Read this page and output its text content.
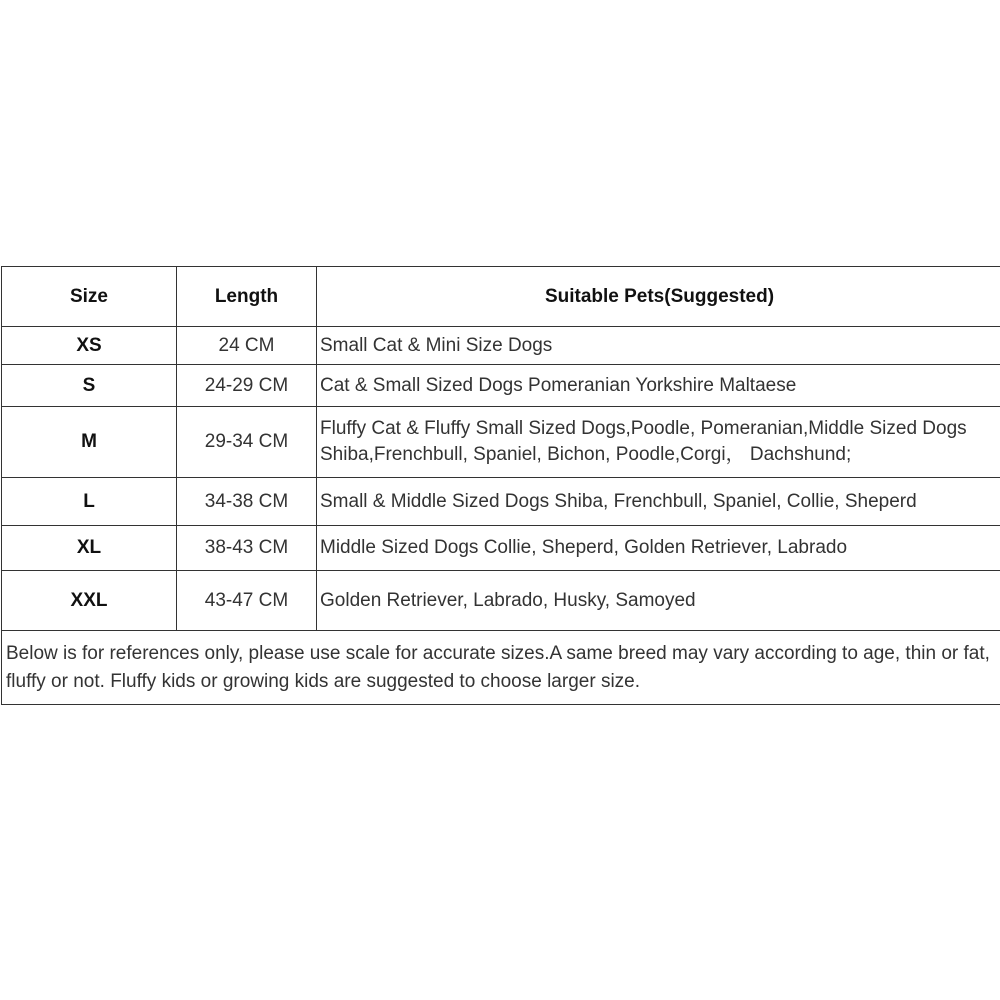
Size	Length	Suitable Pets(Suggested)
XS	24 CM	Small Cat & Mini Size Dogs
S	24-29 CM	Cat & Small Sized Dogs Pomeranian Yorkshire Maltaese
M	29-34 CM	Fluffy Cat & Fluffy Small Sized Dogs,Poodle, Pomeranian,Middle Sized Dogs Shiba,Frenchbull, Spaniel, Bichon, Poodle,Corgi， Dachshund;
L	34-38 CM	Small & Middle Sized Dogs Shiba, Frenchbull, Spaniel, Collie, Sheperd
XL	38-43 CM	Middle Sized Dogs Collie, Sheperd, Golden Retriever, Labrado
XXL	43-47 CM	Golden Retriever, Labrado, Husky, Samoyed
Below is for references only, please use scale for accurate sizes.A same breed may vary according to age, thin or fat, fluffy or not. Fluffy kids or growing kids are suggested to choose larger size.		
